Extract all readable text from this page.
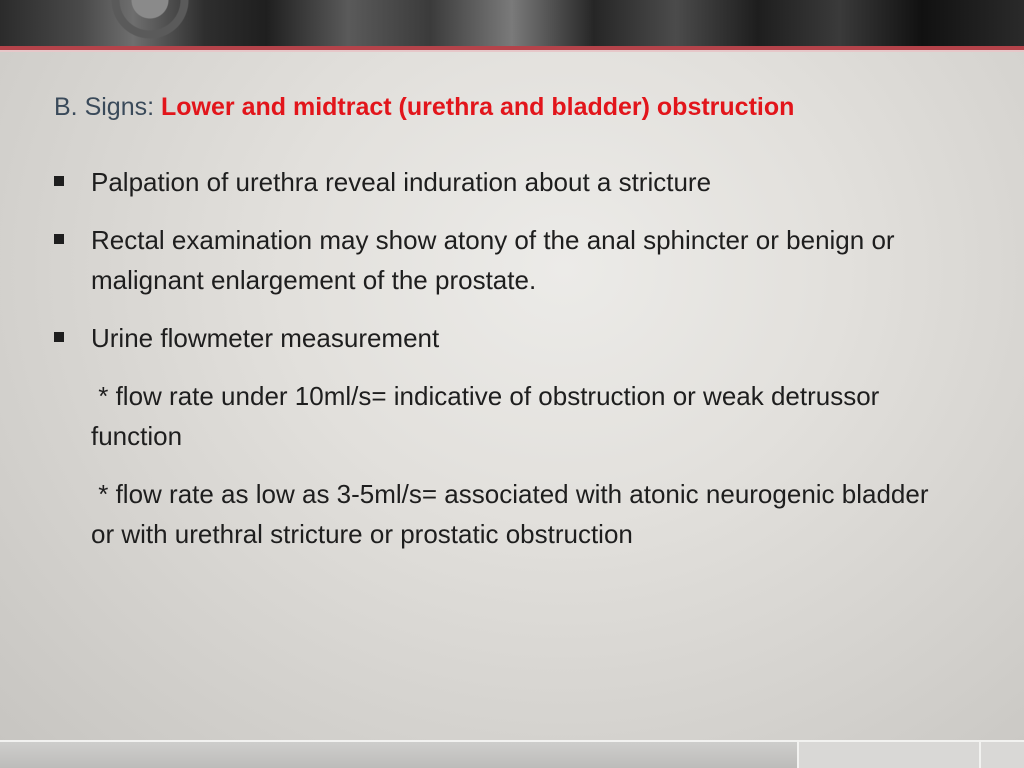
B. Signs: Lower and midtract (urethra and bladder) obstruction
Palpation of urethra reveal induration about a stricture
Rectal examination may show atony of the anal sphincter or benign or malignant enlargement of the prostate.
Urine flowmeter measurement
* flow rate under 10ml/s= indicative of obstruction or weak detrussor function
* flow rate as low as 3-5ml/s= associated with atonic neurogenic bladder or with urethral stricture or prostatic obstruction
